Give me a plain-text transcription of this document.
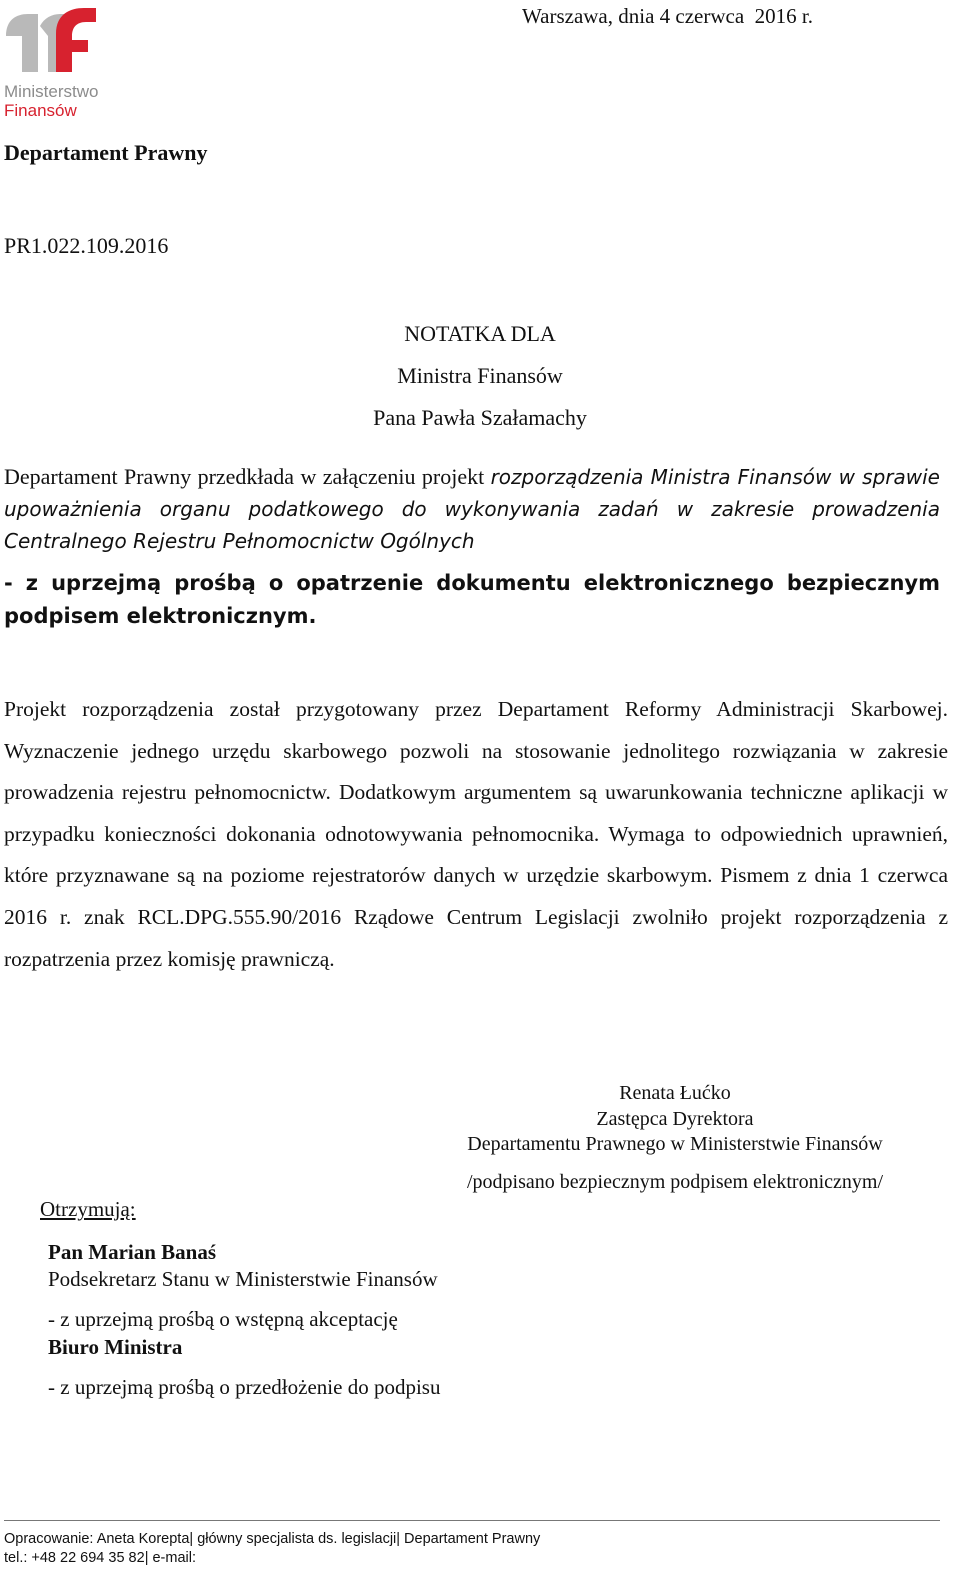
Ministerstwo
Finansów
Warszawa, dnia 4 czerwca  2016 r.
Departament Prawny
PR1.022.109.2016
NOTATKA DLA
Ministra Finansów
Pana Pawła Szałamachy
Departament Prawny przedkłada w załączeniu projekt rozporządzenia Ministra Finansów w sprawie upoważnienia organu podatkowego do wykonywania zadań w zakresie prowadzenia Centralnego Rejestru Pełnomocnictw Ogólnych
- z uprzejmą prośbą o opatrzenie dokumentu elektronicznego bezpiecznym podpisem elektronicznym.
Projekt rozporządzenia został przygotowany przez Departament Reformy Administracji Skarbowej. Wyznaczenie jednego urzędu skarbowego pozwoli na stosowanie jednolitego rozwiązania w zakresie prowadzenia rejestru pełnomocnictw. Dodatkowym argumentem są uwarunkowania techniczne aplikacji w przypadku konieczności dokonania odnotowywania pełnomocnika. Wymaga to odpowiednich uprawnień, które przyznawane są na poziome rejestratorów danych w urzędzie skarbowym. Pismem z dnia 1 czerwca 2016 r. znak RCL.DPG.555.90/2016 Rządowe Centrum Legislacji zwolniło projekt rozporządzenia z rozpatrzenia przez komisję prawniczą.
Renata Łućko
Zastępca Dyrektora
Departamentu Prawnego w Ministerstwie Finansów
/podpisano bezpiecznym podpisem elektronicznym/
Otrzymują:
Pan Marian Banaś
Podsekretarz Stanu w Ministerstwie Finansów
- z uprzejmą prośbą o wstępną akceptację
Biuro Ministra
- z uprzejmą prośbą o przedłożenie do podpisu
Opracowanie: Aneta Korepta| główny specjalista ds. legislacji| Departament Prawny
tel.: +48 22 694 35 82| e-mail:
